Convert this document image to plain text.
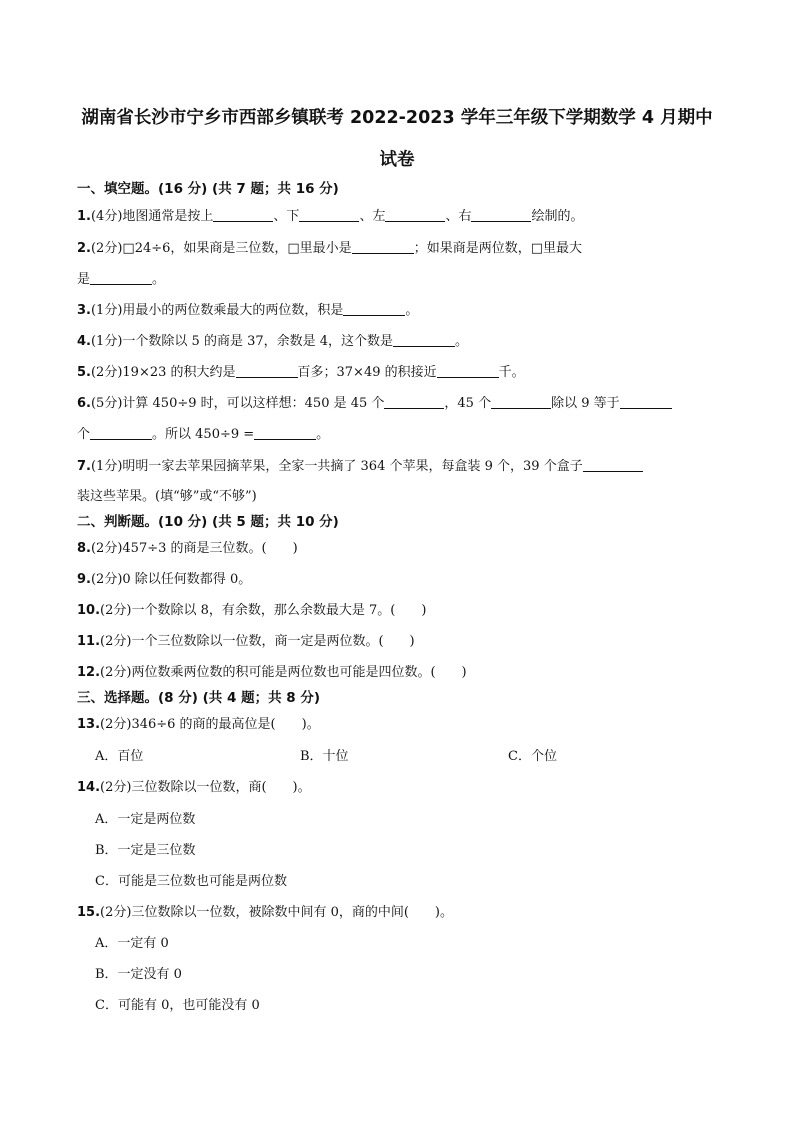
湖南省长沙市宁乡市西部乡镇联考 2022-2023 学年三年级下学期数学 4 月期中
试卷
一、填空题。(16 分) (共 7 题；共 16 分)
1.(4分)地图通常是按上	、下	、左	、右	绘制的。
2.(2分)□24÷6，如果商是三位数，□里最小是	；如果商是两位数，□里最大
是	。
3.(1分)用最小的两位数乘最大的两位数，积是	。
4.(1分)一个数除以 5 的商是 37，余数是 4，这个数是	。
5.(2分)19×23 的积大约是	百多；37×49 的积接近	千。
6.(5分)计算 450÷9 时，可以这样想：450 是 45 个	，45 个	除以 9 等于
个	。所以 450÷9 =	。
7.(1分)明明一家去苹果园摘苹果，全家一共摘了 364 个苹果，每盒装 9 个，39 个盒子
装这些苹果。(填“够”或“不够”)
二、判断题。(10 分) (共 5 题；共 10 分)
8.(2分)457÷3 的商是三位数。(　　)
9.(2分)0 除以任何数都得 0。
10.(2分)一个数除以 8，有余数，那么余数最大是 7。(　　)
11.(2分)一个三位数除以一位数，商一定是两位数。(　　)
12.(2分)两位数乘两位数的积可能是两位数也可能是四位数。(　　)
三、选择题。(8 分) (共 4 题；共 8 分)
13.(2分)346÷6 的商的最高位是(　　)。
A．百位	B．十位	C．个位
14.(2分)三位数除以一位数，商(　　)。
A．一定是两位数
B．一定是三位数
C．可能是三位数也可能是两位数
15.(2分)三位数除以一位数，被除数中间有 0，商的中间(　　)。
A．一定有 0
B．一定没有 0
C．可能有 0，也可能没有 0
